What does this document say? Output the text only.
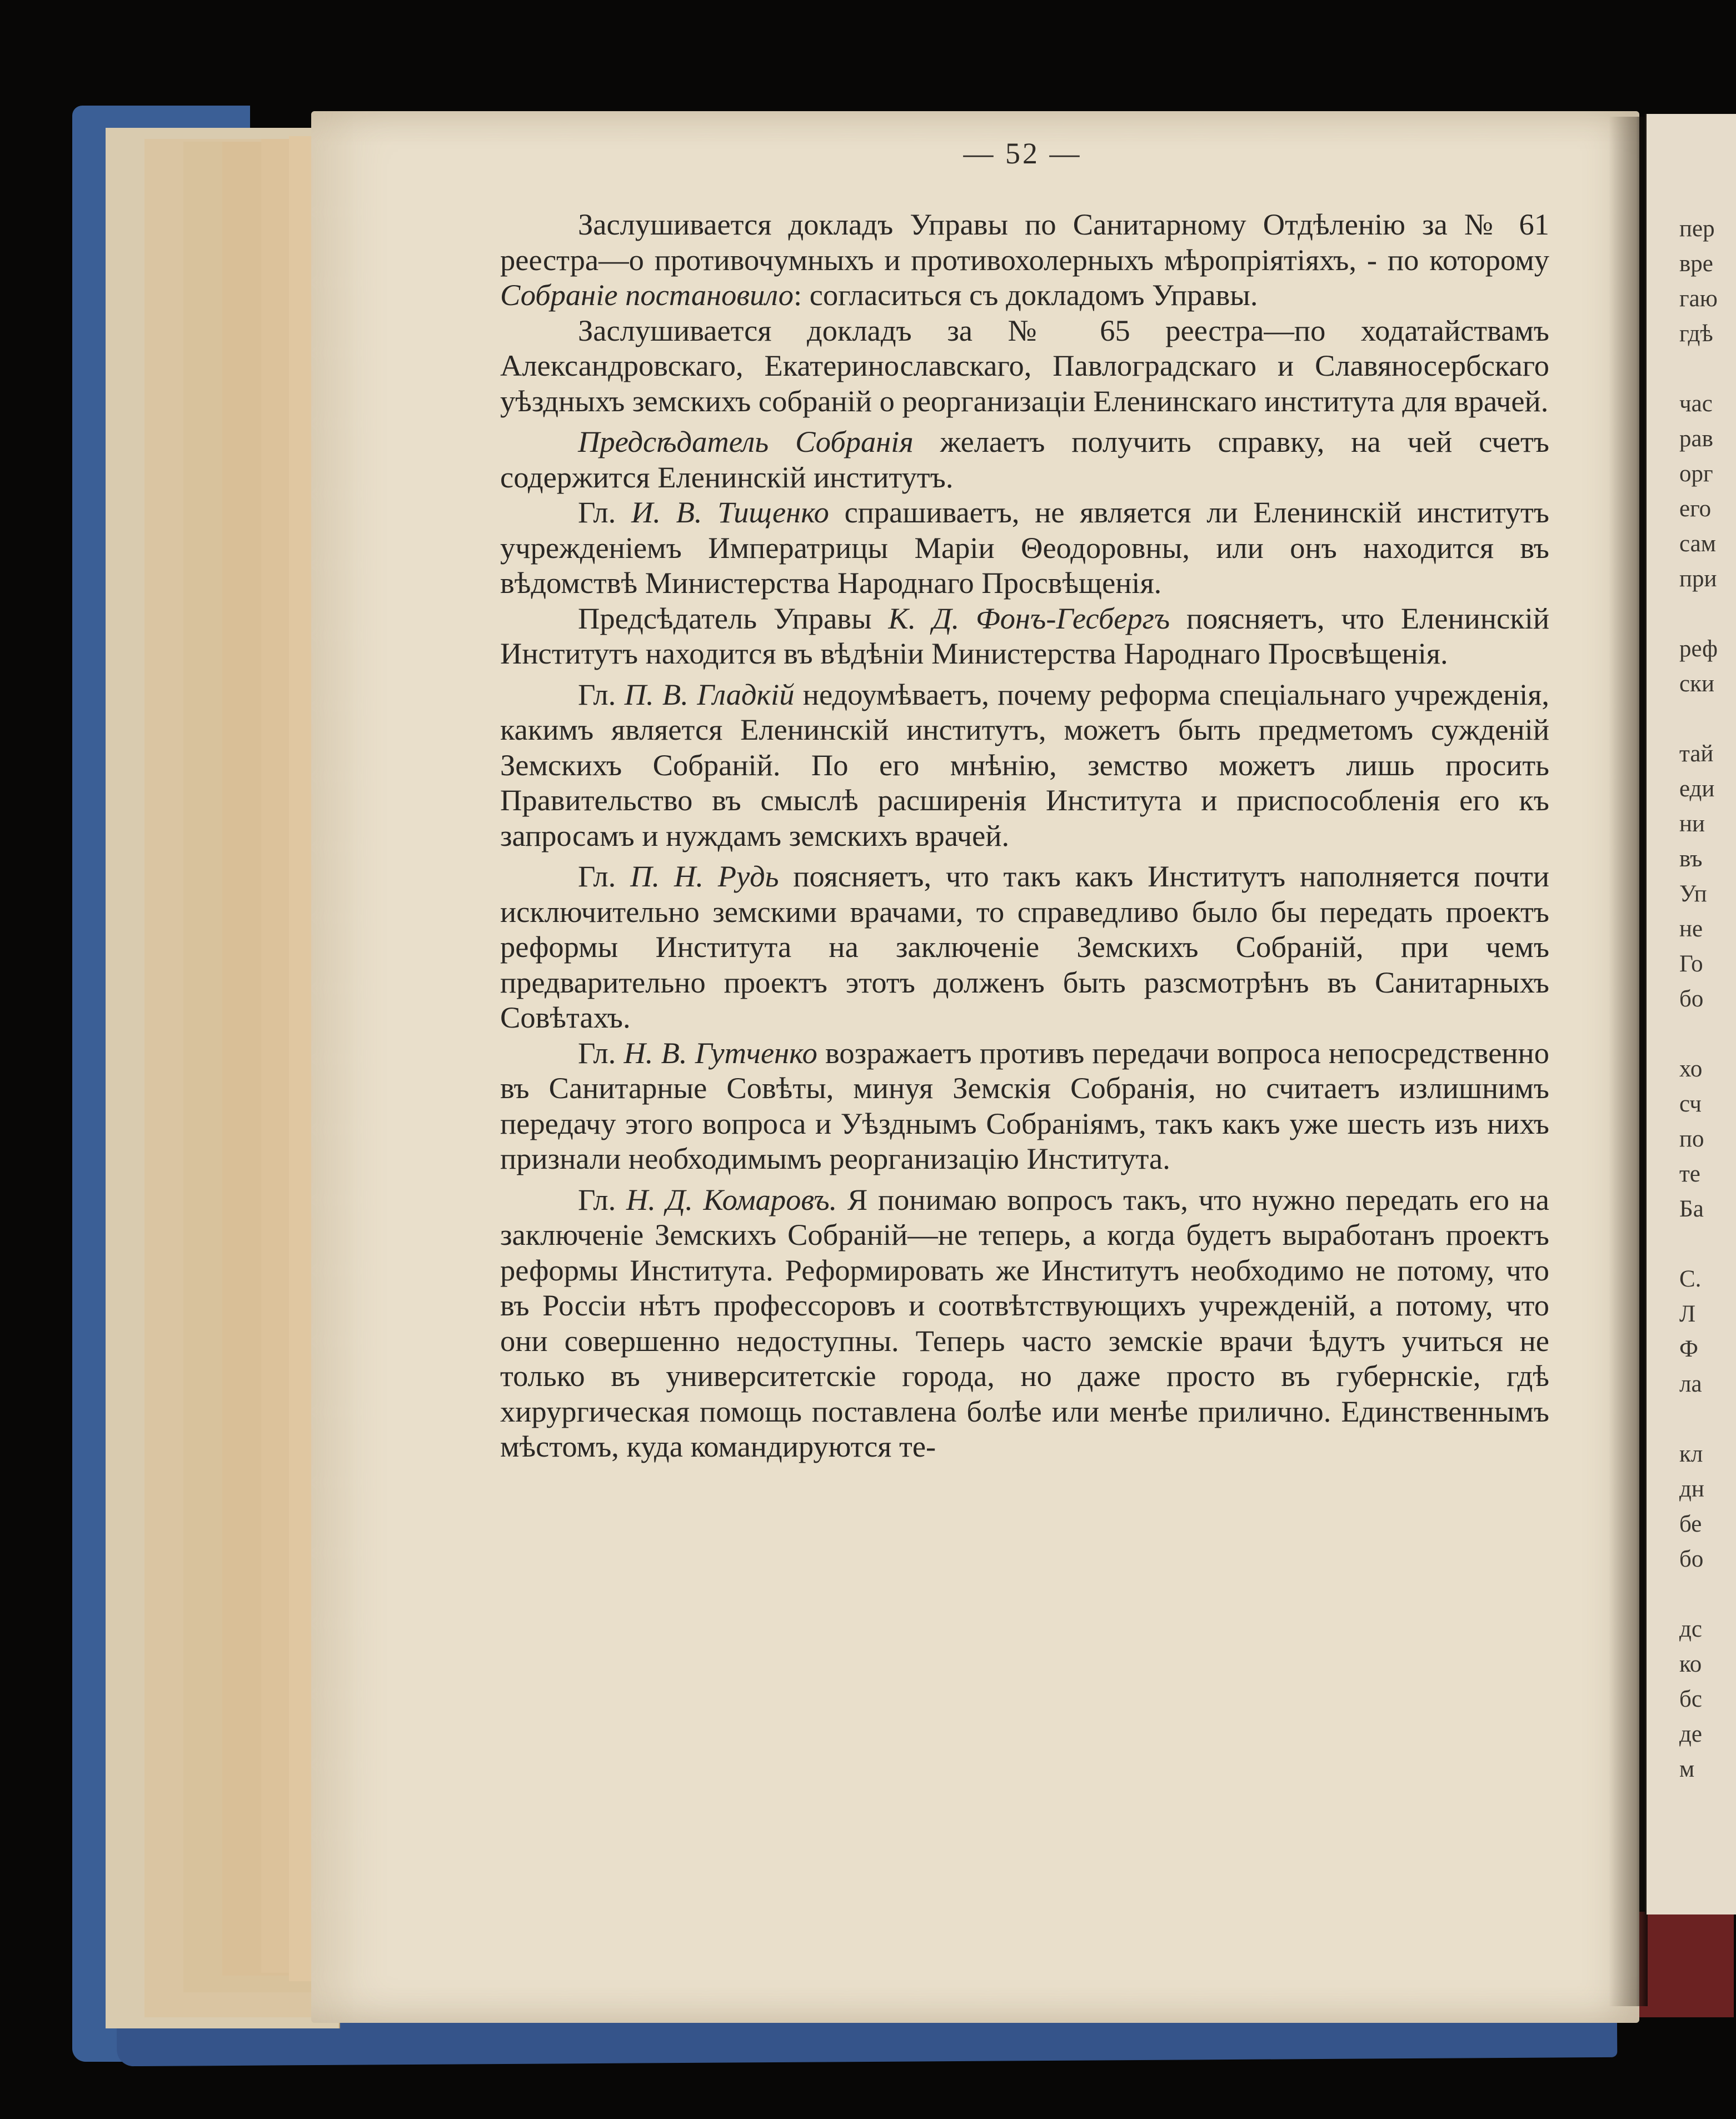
пер
вре
гаю
гдѣ
час
рав
орг
его
сам
при
реф
ски
тай
еди
ни
въ
Уп
не
Го
бо
хо
сч
по
те
Ба
С.
Л
Ф
ла
кл
дн
бе
бо
дс
ко
бс
де
м
— 52 —

Заслушивается докладъ Управы по Санитарному Отдѣленію за № 61 реестра—о противочумныхъ и противохолерныхъ мѣропріятіяхъ, - по которому Собраніе постановило: согласиться съ докладомъ Управы.

Заслушивается докладъ за № 65 реестра—по ходатайствамъ Александровскаго, Екатеринославскаго, Павлоградскаго и Славяносербскаго уѣздныхъ земскихъ собраній о реорганизаціи Еленинскаго института для врачей.

Предсѣдатель Собранія желаетъ получить справку, на чей счетъ содержится Еленинскій институтъ.

Гл. И. В. Тищенко спрашиваетъ, не является ли Еленинскій институтъ учрежденіемъ Императрицы Маріи Θеодоровны, или онъ находится въ вѣдомствѣ Министерства Народнаго Просвѣщенія.

Предсѣдатель Управы К. Д. Фонъ-Гесбергъ поясняетъ, что Еленинскій Институтъ находится въ вѣдѣніи Министерства Народнаго Просвѣщенія.

Гл. П. В. Гладкій недоумѣваетъ, почему реформа спеціальнаго учрежденія, какимъ является Еленинскій институтъ, можетъ быть предметомъ сужденій Земскихъ Собраній. По его мнѣнію, земство можетъ лишь просить Правительство въ смыслѣ расширенія Института и приспособленія его къ запросамъ и нуждамъ земскихъ врачей.

Гл. П. Н. Рудь поясняетъ, что такъ какъ Институтъ наполняется почти исключительно земскими врачами, то справедливо было бы передать проектъ реформы Института на заключеніе Земскихъ Собраній, при чемъ предварительно проектъ этотъ долженъ быть разсмотрѣнъ въ Санитарныхъ Совѣтахъ.

Гл. Н. В. Гутченко возражаетъ противъ передачи вопроса непосредственно въ Санитарные Совѣты, минуя Земскія Собранія, но считаетъ излишнимъ передачу этого вопроса и Уѣзднымъ Собраніямъ, такъ какъ уже шесть изъ нихъ признали необходимымъ реорганизацію Института.

Гл. Н. Д. Комаровъ. Я понимаю вопросъ такъ, что нужно передать его на заключеніе Земскихъ Собраній—не теперь, а когда будетъ выработанъ проектъ реформы Института. Реформировать же Институтъ необходимо не потому, что въ Россіи нѣтъ профессоровъ и соотвѣтствующихъ учрежденій, а потому, что они совершенно недоступны. Теперь часто земскіе врачи ѣдутъ учиться не только въ университетскіе города, но даже просто въ губернскіе, гдѣ хирургическая помощь поставлена болѣе или менѣе прилично. Единственнымъ мѣстомъ, куда командируются те-
